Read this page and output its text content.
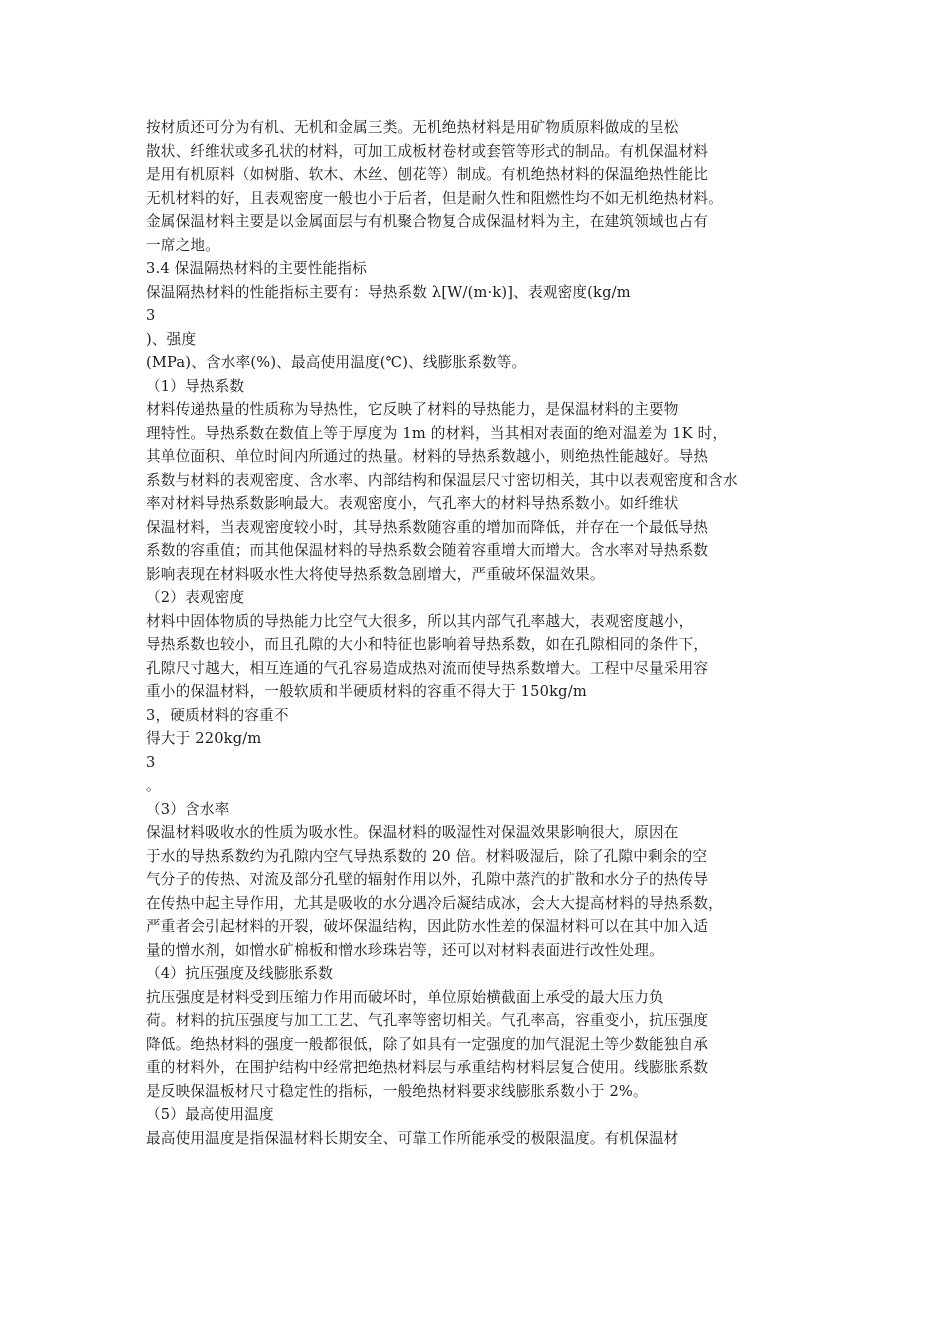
按材质还可分为有机、无机和金属三类。无机绝热材料是用矿物质原料做成的呈松
散状、纤维状或多孔状的材料，可加工成板材卷材或套管等形式的制品。有机保温材料
是用有机原料（如树脂、软木、木丝、刨花等）制成。有机绝热材料的保温绝热性能比
无机材料的好，且表观密度一般也小于后者，但是耐久性和阻燃性均不如无机绝热材料。
金属保温材料主要是以金属面层与有机聚合物复合成保温材料为主，在建筑领域也占有
一席之地。
3.4 保温隔热材料的主要性能指标
保温隔热材料的性能指标主要有：导热系数 λ[W/(m·k)]、表观密度(kg/m
3
)、强度
(MPa)、含水率(%)、最高使用温度(℃)、线膨胀系数等。
（1）导热系数
材料传递热量的性质称为导热性，它反映了材料的导热能力，是保温材料的主要物
理特性。导热系数在数值上等于厚度为 1m 的材料，当其相对表面的绝对温差为 1K 时，
其单位面积、单位时间内所通过的热量。材料的导热系数越小，则绝热性能越好。导热
系数与材料的表观密度、含水率、内部结构和保温层尺寸密切相关，其中以表观密度和含水
率对材料导热系数影响最大。表观密度小，气孔率大的材料导热系数小。如纤维状
保温材料，当表观密度较小时，其导热系数随容重的增加而降低，并存在一个最低导热
系数的容重值；而其他保温材料的导热系数会随着容重增大而增大。含水率对导热系数
影响表现在材料吸水性大将使导热系数急剧增大，严重破坏保温效果。
（2）表观密度
材料中固体物质的导热能力比空气大很多，所以其内部气孔率越大，表观密度越小，
导热系数也较小，而且孔隙的大小和特征也影响着导热系数，如在孔隙相同的条件下，
孔隙尺寸越大，相互连通的气孔容易造成热对流而使导热系数增大。工程中尽量采用容
重小的保温材料，一般软质和半硬质材料的容重不得大于 150kg/m
3，硬质材料的容重不
得大于 220kg/m
3
。
（3）含水率
保温材料吸收水的性质为吸水性。保温材料的吸湿性对保温效果影响很大，原因在
于水的导热系数约为孔隙内空气导热系数的 20 倍。材料吸湿后，除了孔隙中剩余的空
气分子的传热、对流及部分孔壁的辐射作用以外，孔隙中蒸汽的扩散和水分子的热传导
在传热中起主导作用，尤其是吸收的水分遇冷后凝结成冰，会大大提高材料的导热系数，
严重者会引起材料的开裂，破坏保温结构，因此防水性差的保温材料可以在其中加入适
量的憎水剂，如憎水矿棉板和憎水珍珠岩等，还可以对材料表面进行改性处理。
（4）抗压强度及线膨胀系数
抗压强度是材料受到压缩力作用而破坏时，单位原始横截面上承受的最大压力负
荷。材料的抗压强度与加工工艺、气孔率等密切相关。气孔率高，容重变小，抗压强度
降低。绝热材料的强度一般都很低，除了如具有一定强度的加气混泥土等少数能独自承
重的材料外，在围护结构中经常把绝热材料层与承重结构材料层复合使用。线膨胀系数
是反映保温板材尺寸稳定性的指标，一般绝热材料要求线膨胀系数小于 2%。
（5）最高使用温度
最高使用温度是指保温材料长期安全、可靠工作所能承受的极限温度。有机保温材
